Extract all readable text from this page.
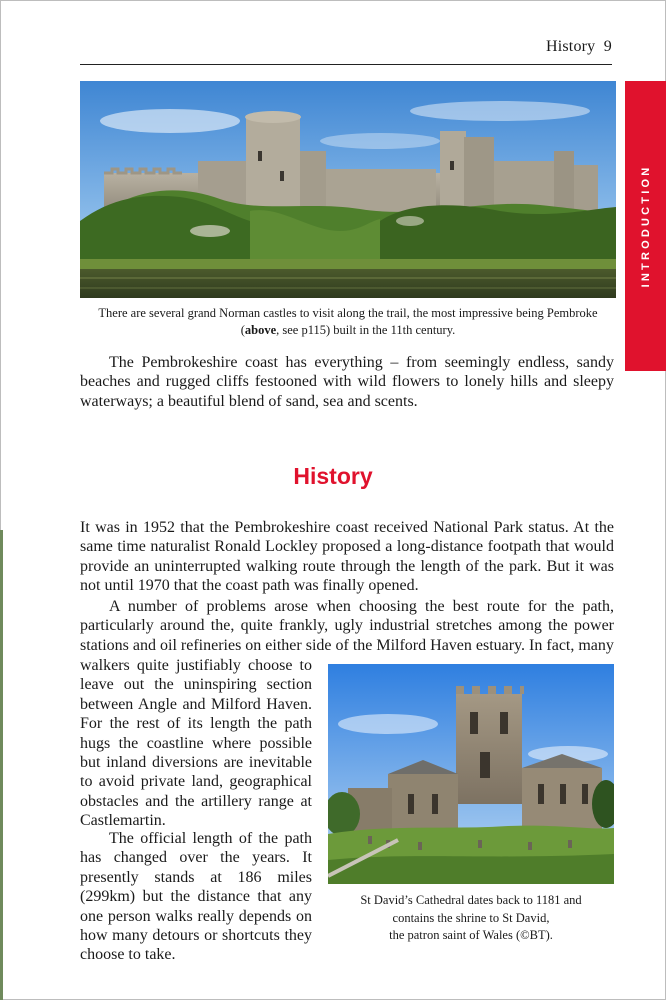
History 9
INTRODUCTION
There are several grand Norman castles to visit along the trail, the most impressive being Pembroke (above, see p115) built in the 11th century.
The Pembrokeshire coast has everything – from seemingly endless, sandy beaches and rugged cliffs festooned with wild flowers to lonely hills and sleepy waterways; a beautiful blend of sand, sea and scents.
History
It was in 1952 that the Pembrokeshire coast received National Park status. At the same time naturalist Ronald Lockley proposed a long-distance footpath that would provide an uninterrupted walking route through the length of the park. But it was not until 1970 that the coast path was finally opened.
A number of problems arose when choosing the best route for the path, particularly around the, quite frankly, ugly industrial stretches among the power stations and oil refineries on either side of the Milford Haven estuary. In fact, many
walkers quite justifiably choose to leave out the uninspiring section between Angle and Milford Haven. For the rest of its length the path hugs the coastline where possible but inland diversions are inevitable to avoid private land, geographical obstacles and the artillery range at Castlemartin.
The official length of the path has changed over the years. It presently stands at 186 miles (299km) but the distance that any one person walks really depends on how many detours or shortcuts they choose to take.
St David’s Cathedral dates back to 1181 and
contains the shrine to St David,
the patron saint of Wales (©BT).
